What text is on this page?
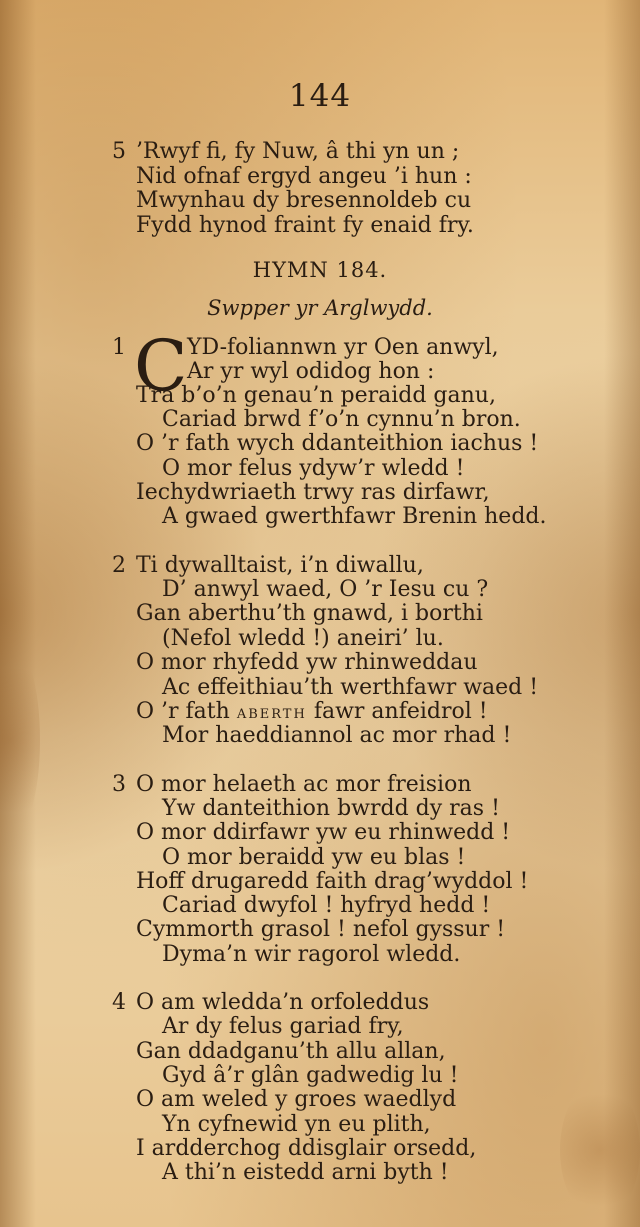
144
5 ’Rwyf fi, fy Nuw, â thi yn un ;
Nid ofnaf ergyd angeu ’i hun :
Mwynhau dy bresennoldeb cu
Fydd hynod fraint fy enaid fry.
HYMN 184.
Swpper yr Arglwydd.
1 C YD-foliannwn yr Oen anwyl,
Ar yr wyl odidog hon :
Tra b’o’n genau’n peraidd ganu,
Cariad brwd f’o’n cynnu’n bron.
O ’r fath wych ddanteithion iachus !
O mor felus ydyw’r wledd !
Iechydwriaeth trwy ras dirfawr,
A gwaed gwerthfawr Brenin hedd.
2 Ti dywalltaist, i’n diwallu,
D’ anwyl waed, O ’r Iesu cu ?
Gan aberthu’th gnawd, i borthi
(Nefol wledd !) aneiri’ lu.
O mor rhyfedd yw rhinweddau
Ac effeithiau’th werthfawr waed !
O ’r fath aberth fawr anfeidrol !
Mor haeddiannol ac mor rhad !
3 O mor helaeth ac mor freision
Yw danteithion bwrdd dy ras !
O mor ddirfawr yw eu rhinwedd !
O mor beraidd yw eu blas !
Hoff drugaredd faith drag’wyddol !
Cariad dwyfol ! hyfryd hedd !
Cymmorth grasol ! nefol gyssur !
Dyma’n wir ragorol wledd.
4 O am wledda’n orfoleddus
Ar dy felus gariad fry,
Gan ddadganu’th allu allan,
Gyd â’r glân gadwedig lu !
O am weled y groes waedlyd
Yn cyfnewid yn eu plith,
I ardderchog ddisglair orsedd,
A thi’n eistedd arni byth !
